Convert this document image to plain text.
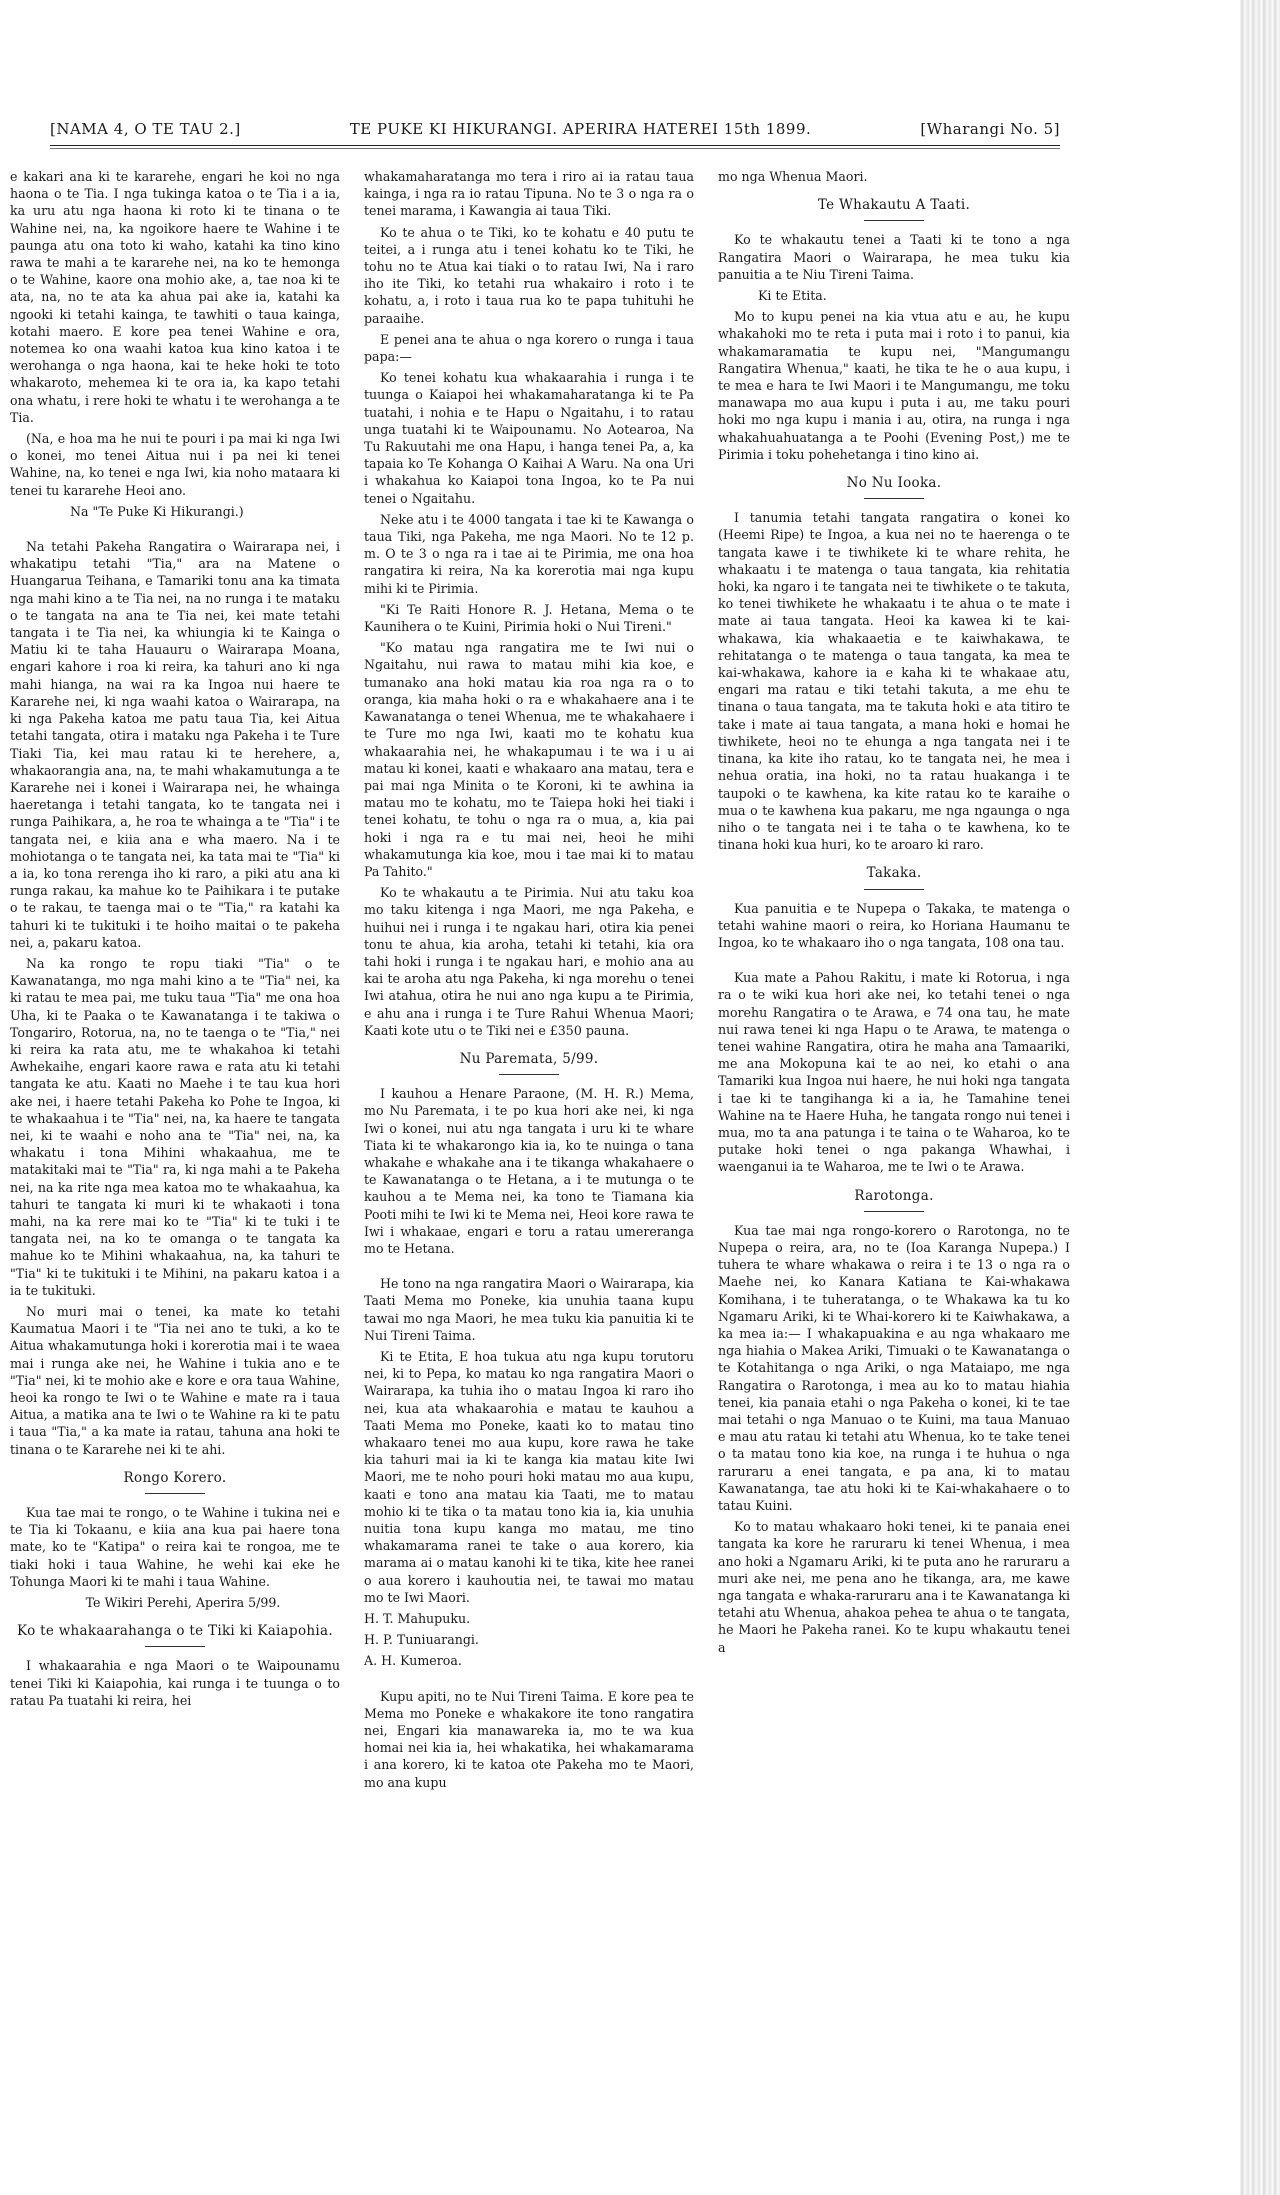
[NAMA 4, O TE TAU 2.]	TE PUKE KI HIKURANGI. APERIRA HATEREI 15th 1899.	[Wharangi No. 5]

e kakari ana ki te kararehe, engari he koi no nga haona o te Tia. I nga tukinga katoa o te Tia i a ia, ka uru atu nga haona ki roto ki te tinana o te Wahine nei, na, ka ngoikore haere te Wahine i te paunga atu ona toto ki waho, katahi ka tino kino rawa te mahi a te kararehe nei, na ko te hemonga o te Wahine, kaore ona mohio ake, a, tae noa ki te ata, na, no te ata ka ahua pai ake ia, katahi ka ngooki ki tetahi kainga, te tawhiti o taua kainga, kotahi maero. E kore pea tenei Wahine e ora, notemea ko ona waahi katoa kua kino katoa i te werohanga o nga haona, kai te heke hoki te toto whakaroto, mehemea ki te ora ia, ka kapo tetahi ona whatu, i rere hoki te whatu i te werohanga a te Tia.

(Na, e hoa ma he nui te pouri i pa mai ki nga Iwi o konei, mo tenei Aitua nui i pa nei ki tenei Wahine, na, ko tenei e nga Iwi, kia noho mataara ki tenei tu kararehe Heoi ano.

Na "Te Puke Ki Hikurangi.)

Na tetahi Pakeha Rangatira o Wairarapa nei, i whakatipu tetahi "Tia," ara na Matene o Huangarua Teihana, e Tamariki tonu ana ka timata nga mahi kino a te Tia nei, na no runga i te mataku o te tangata na ana te Tia nei, kei mate tetahi tangata i te Tia nei, ka whiungia ki te Kainga o Matiu ki te taha Hauauru o Wairarapa Moana, engari kahore i roa ki reira, ka tahuri ano ki nga mahi hianga, na wai ra ka Ingoa nui haere te Kararehe nei, ki nga waahi katoa o Wairarapa, na ki nga Pakeha katoa me patu taua Tia, kei Aitua tetahi tangata, otira i mataku nga Pakeha i te Ture Tiaki Tia, kei mau ratau ki te herehere, a, whakaorangia ana, na, te mahi whakamutunga a te Kararehe nei i konei i Wairarapa nei, he whainga haeretanga i tetahi tangata, ko te tangata nei i runga Paihikara, a, he roa te whainga a te "Tia" i te tangata nei, e kiia ana e wha maero. Na i te mohiotanga o te tangata nei, ka tata mai te "Tia" ki a ia, ko tona rerenga iho ki raro, a piki atu ana ki runga rakau, ka mahue ko te Paihikara i te putake o te rakau, te taenga mai o te "Tia," ra katahi ka tahuri ki te tukituki i te hoiho maitai o te pakeha nei, a, pakaru katoa.

Na ka rongo te ropu tiaki "Tia" o te Kawanatanga, mo nga mahi kino a te "Tia" nei, ka ki ratau te mea pai, me tuku taua "Tia" me ona hoa Uha, ki te Paaka o te Kawanatanga i te takiwa o Tongariro, Rotorua, na, no te taenga o te "Tia," nei ki reira ka rata atu, me te whakahoa ki tetahi Awhekaihe, engari kaore rawa e rata atu ki tetahi tangata ke atu. Kaati no Maehe i te tau kua hori ake nei, i haere tetahi Pakeha ko Pohe te Ingoa, ki te whakaahua i te "Tia" nei, na, ka haere te tangata nei, ki te waahi e noho ana te "Tia" nei, na, ka whakatu i tona Mihini whakaahua, me te matakitaki mai te "Tia" ra, ki nga mahi a te Pakeha nei, na ka rite nga mea katoa mo te whakaahua, ka tahuri te tangata ki muri ki te whakaoti i tona mahi, na ka rere mai ko te "Tia" ki te tuki i te tangata nei, na ko te omanga o te tangata ka mahue ko te Mihini whakaahua, na, ka tahuri te "Tia" ki te tukituki i te Mihini, na pakaru katoa i a ia te tukituki.

No muri mai o tenei, ka mate ko tetahi Kaumatua Maori i te "Tia nei ano te tuki, a ko te Aitua whakamutunga hoki i korerotia mai i te waea mai i runga ake nei, he Wahine i tukia ano e te "Tia" nei, ki te mohio ake e kore e ora taua Wahine, heoi ka rongo te Iwi o te Wahine e mate ra i taua Aitua, a matika ana te Iwi o te Wahine ra ki te patu i taua "Tia," a ka mate ia ratau, tahuna ana hoki te tinana o te Kararehe nei ki te ahi.

Rongo Korero.

Kua tae mai te rongo, o te Wahine i tukina nei e te Tia ki Tokaanu, e kiia ana kua pai haere tona mate, ko te "Katipa" o reira kai te rongoa, me te tiaki hoki i taua Wahine, he wehi kai eke he Tohunga Maori ki te mahi i taua Wahine.

Te Wikiri Perehi, Aperira 5/99.

Ko te whakaarahanga o te Tiki ki Kaiapohia.

I whakaarahia e nga Maori o te Waipounamu tenei Tiki ki Kaiapohia, kai runga i te tuunga o to ratau Pa tuatahi ki reira, hei

whakamaharatanga mo tera i riro ai ia ratau taua kainga, i nga ra io ratau Tipuna. No te 3 o nga ra o tenei marama, i Kawangia ai taua Tiki.

Ko te ahua o te Tiki, ko te kohatu e 40 putu te teitei, a i runga atu i tenei kohatu ko te Tiki, he tohu no te Atua kai tiaki o to ratau Iwi, Na i raro iho ite Tiki, ko tetahi rua whakairo i roto i te kohatu, a, i roto i taua rua ko te papa tuhituhi he paraaihe.

E penei ana te ahua o nga korero o runga i taua papa:—

Ko tenei kohatu kua whakaarahia i runga i te tuunga o Kaiapoi hei whakamaharatanga ki te Pa tuatahi, i nohia e te Hapu o Ngaitahu, i to ratau unga tuatahi ki te Waipounamu. No Aotearoa, Na Tu Rakuutahi me ona Hapu, i hanga tenei Pa, a, ka tapaia ko Te Kohanga O Kaihai A Waru. Na ona Uri i whakahua ko Kaiapoi tona Ingoa, ko te Pa nui tenei o Ngaitahu.

Neke atu i te 4000 tangata i tae ki te Kawanga o taua Tiki, nga Pakeha, me nga Maori. No te 12 p. m. O te 3 o nga ra i tae ai te Pirimia, me ona hoa rangatira ki reira, Na ka korerotia mai nga kupu mihi ki te Pirimia.

"Ki Te Raiti Honore R. J. Hetana, Mema o te Kaunihera o te Kuini, Pirimia hoki o Nui Tireni."

"Ko matau nga rangatira me te Iwi nui o Ngaitahu, nui rawa to matau mihi kia koe, e tumanako ana hoki matau kia roa nga ra o to oranga, kia maha hoki o ra e whakahaere ana i te Kawanatanga o tenei Whenua, me te whakahaere i te Ture mo nga Iwi, kaati mo te kohatu kua whakaarahia nei, he whakapumau i te wa i u ai matau ki konei, kaati e whakaaro ana matau, tera e pai mai nga Minita o te Koroni, ki te awhina ia matau mo te kohatu, mo te Taiepa hoki hei tiaki i tenei kohatu, te tohu o nga ra o mua, a, kia pai hoki i nga ra e tu mai nei, heoi he mihi whakamutunga kia koe, mou i tae mai ki to matau Pa Tahito."

Ko te whakautu a te Pirimia. Nui atu taku koa mo taku kitenga i nga Maori, me nga Pakeha, e huihui nei i runga i te ngakau hari, otira kia penei tonu te ahua, kia aroha, tetahi ki tetahi, kia ora tahi hoki i runga i te ngakau hari, e mohio ana au kai te aroha atu nga Pakeha, ki nga morehu o tenei Iwi atahua, otira he nui ano nga kupu a te Pirimia, e ahu ana i runga i te Ture Rahui Whenua Maori; Kaati kote utu o te Tiki nei e £350 pauna.

Nu Paremata, 5/99.

I kauhou a Henare Paraone, (M. H. R.) Mema, mo Nu Paremata, i te po kua hori ake nei, ki nga Iwi o konei, nui atu nga tangata i uru ki te whare Tiata ki te whakarongo kia ia, ko te nuinga o tana whakahe e whakahe ana i te tikanga whakahaere o te Kawanatanga o te Hetana, a i te mutunga o te kauhou a te Mema nei, ka tono te Tiamana kia Pooti mihi te Iwi ki te Mema nei, Heoi kore rawa te Iwi i whakaae, engari e toru a ratau umereranga mo te Hetana.

He tono na nga rangatira Maori o Wairarapa, kia Taati Mema mo Poneke, kia unuhia taana kupu tawai mo nga Maori, he mea tuku kia panuitia ki te Nui Tireni Taima.

Ki te Etita, E hoa tukua atu nga kupu torutoru nei, ki to Pepa, ko matau ko nga rangatira Maori o Wairarapa, ka tuhia iho o matau Ingoa ki raro iho nei, kua ata whakaarohia e matau te kauhou a Taati Mema mo Poneke, kaati ko to matau tino whakaaro tenei mo aua kupu, kore rawa he take kia tahuri mai ia ki te kanga kia matau kite Iwi Maori, me te noho pouri hoki matau mo aua kupu, kaati e tono ana matau kia Taati, me to matau mohio ki te tika o ta matau tono kia ia, kia unuhia nuitia tona kupu kanga mo matau, me tino whakamarama ranei te take o aua korero, kia marama ai o matau kanohi ki te tika, kite hee ranei o aua korero i kauhoutia nei, te tawai mo matau mo te Iwi Maori.

H. T. Mahupuku.

H. P. Tuniuarangi.

A. H. Kumeroa.

Kupu apiti, no te Nui Tireni Taima. E kore pea te Mema mo Poneke e whakakore ite tono rangatira nei, Engari kia manawareka ia, mo te wa kua homai nei kia ia, hei whakatika, hei whakamarama i ana korero, ki te katoa ote Pakeha mo te Maori, mo ana kupu

mo nga Whenua Maori.

Te Whakautu A Taati.

Ko te whakautu tenei a Taati ki te tono a nga Rangatira Maori o Wairarapa, he mea tuku kia panuitia a te Niu Tireni Taima.

Ki te Etita.

Mo to kupu penei na kia vtua atu e au, he kupu whakahoki mo te reta i puta mai i roto i to panui, kia whakamaramatia te kupu nei, "Mangumangu Rangatira Whenua," kaati, he tika te he o aua kupu, i te mea e hara te Iwi Maori i te Mangumangu, me toku manawapa mo aua kupu i puta i au, me taku pouri hoki mo nga kupu i mania i au, otira, na runga i nga whakahuahuatanga a te Poohi (Evening Post,) me te Pirimia i toku pohehetanga i tino kino ai.

No Nu Iooka.

I tanumia tetahi tangata rangatira o konei ko (Heemi Ripe) te Ingoa, a kua nei no te haerenga o te tangata kawe i te tiwhikete ki te whare rehita, he whakaatu i te matenga o taua tangata, kia rehitatia hoki, ka ngaro i te tangata nei te tiwhikete o te takuta, ko tenei tiwhikete he whakaatu i te ahua o te mate i mate ai taua tangata. Heoi ka kawea ki te kai-whakawa, kia whakaaetia e te kaiwhakawa, te rehitatanga o te matenga o taua tangata, ka mea te kai-whakawa, kahore ia e kaha ki te whakaae atu, engari ma ratau e tiki tetahi takuta, a me ehu te tinana o taua tangata, ma te takuta hoki e ata titiro te take i mate ai taua tangata, a mana hoki e homai he tiwhikete, heoi no te ehunga a nga tangata nei i te tinana, ka kite iho ratau, ko te tangata nei, he mea i nehua oratia, ina hoki, no ta ratau huakanga i te taupoki o te kawhena, ka kite ratau ko te karaihe o mua o te kawhena kua pakaru, me nga ngaunga o nga niho o te tangata nei i te taha o te kawhena, ko te tinana hoki kua huri, ko te aroaro ki raro.

Takaka.

Kua panuitia e te Nupepa o Takaka, te matenga o tetahi wahine maori o reira, ko Horiana Haumanu te Ingoa, ko te whakaaro iho o nga tangata, 108 ona tau.

Kua mate a Pahou Rakitu, i mate ki Rotorua, i nga ra o te wiki kua hori ake nei, ko tetahi tenei o nga morehu Rangatira o te Arawa, e 74 ona tau, he mate nui rawa tenei ki nga Hapu o te Arawa, te matenga o tenei wahine Rangatira, otira he maha ana Tamaariki, me ana Mokopuna kai te ao nei, ko etahi o ana Tamariki kua Ingoa nui haere, he nui hoki nga tangata i tae ki te tangihanga ki a ia, he Tamahine tenei Wahine na te Haere Huha, he tangata rongo nui tenei i mua, mo ta ana patunga i te taina o te Waharoa, ko te putake hoki tenei o nga pakanga Whawhai, i waenganui ia te Waharoa, me te Iwi o te Arawa.

Rarotonga.

Kua tae mai nga rongo-korero o Rarotonga, no te Nupepa o reira, ara, no te (Ioa Karanga Nupepa.) I tuhera te whare whakawa o reira i te 13 o nga ra o Maehe nei, ko Kanara Katiana te Kai-whakawa Komihana, i te tuheratanga, o te Whakawa ka tu ko Ngamaru Ariki, ki te Whai-korero ki te Kaiwhakawa, a ka mea ia:— I whakapuakina e au nga whakaaro me nga hiahia o Makea Ariki, Timuaki o te Kawanatanga o te Kotahitanga o nga Ariki, o nga Mataiapo, me nga Rangatira o Rarotonga, i mea au ko to matau hiahia tenei, kia panaia etahi o nga Pakeha o konei, ki te tae mai tetahi o nga Manuao o te Kuini, ma taua Manuao e mau atu ratau ki tetahi atu Whenua, ko te take tenei o ta matau tono kia koe, na runga i te huhua o nga raruraru a enei tangata, e pa ana, ki to matau Kawanatanga, tae atu hoki ki te Kai-whakahaere o to tatau Kuini.

Ko to matau whakaaro hoki tenei, ki te panaia enei tangata ka kore he raruraru ki tenei Whenua, i mea ano hoki a Ngamaru Ariki, ki te puta ano he raruraru a muri ake nei, me pena ano he tikanga, ara, me kawe nga tangata e whaka-raruraru ana i te Kawanatanga ki tetahi atu Whenua, ahakoa pehea te ahua o te tangata, he Maori he Pakeha ranei. Ko te kupu whakautu tenei a
